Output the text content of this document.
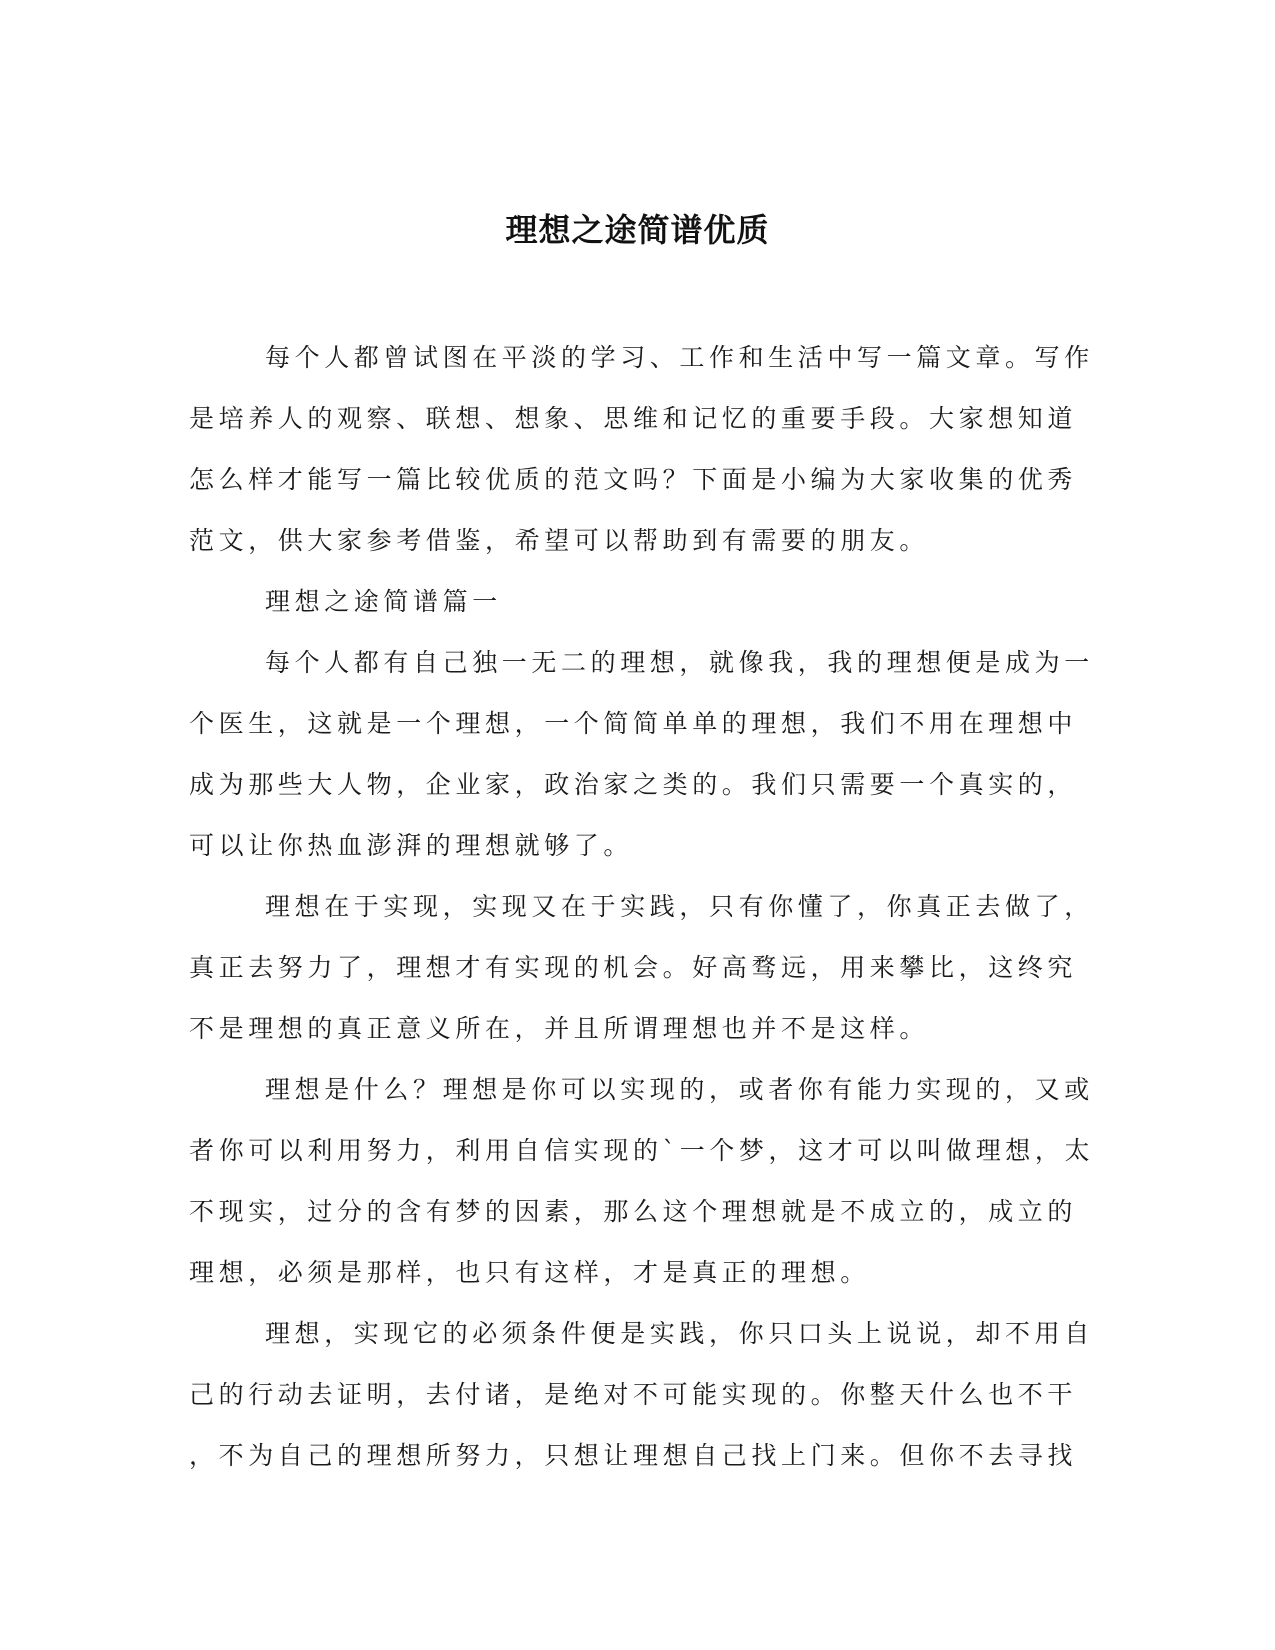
理想之途简谱优质

每个人都曾试图在平淡的学习、工作和生活中写一篇文章。写作
是培养人的观察、联想、想象、思维和记忆的重要手段。大家想知道
怎么样才能写一篇比较优质的范文吗？下面是小编为大家收集的优秀
范文，供大家参考借鉴，希望可以帮助到有需要的朋友。

理想之途简谱篇一

每个人都有自己独一无二的理想，就像我，我的理想便是成为一
个医生，这就是一个理想，一个简简单单的理想，我们不用在理想中
成为那些大人物，企业家，政治家之类的。我们只需要一个真实的，
可以让你热血澎湃的理想就够了。

理想在于实现，实现又在于实践，只有你懂了，你真正去做了，
真正去努力了，理想才有实现的机会。好高骛远，用来攀比，这终究
不是理想的真正意义所在，并且所谓理想也并不是这样。

理想是什么？理想是你可以实现的，或者你有能力实现的，又或
者你可以利用努力，利用自信实现的`一个梦，这才可以叫做理想，太
不现实，过分的含有梦的因素，那么这个理想就是不成立的，成立的
理想，必须是那样，也只有这样，才是真正的理想。

理想，实现它的必须条件便是实践，你只口头上说说，却不用自
己的行动去证明，去付诸，是绝对不可能实现的。你整天什么也不干
，不为自己的理想所努力，只想让理想自己找上门来。但你不去寻找
